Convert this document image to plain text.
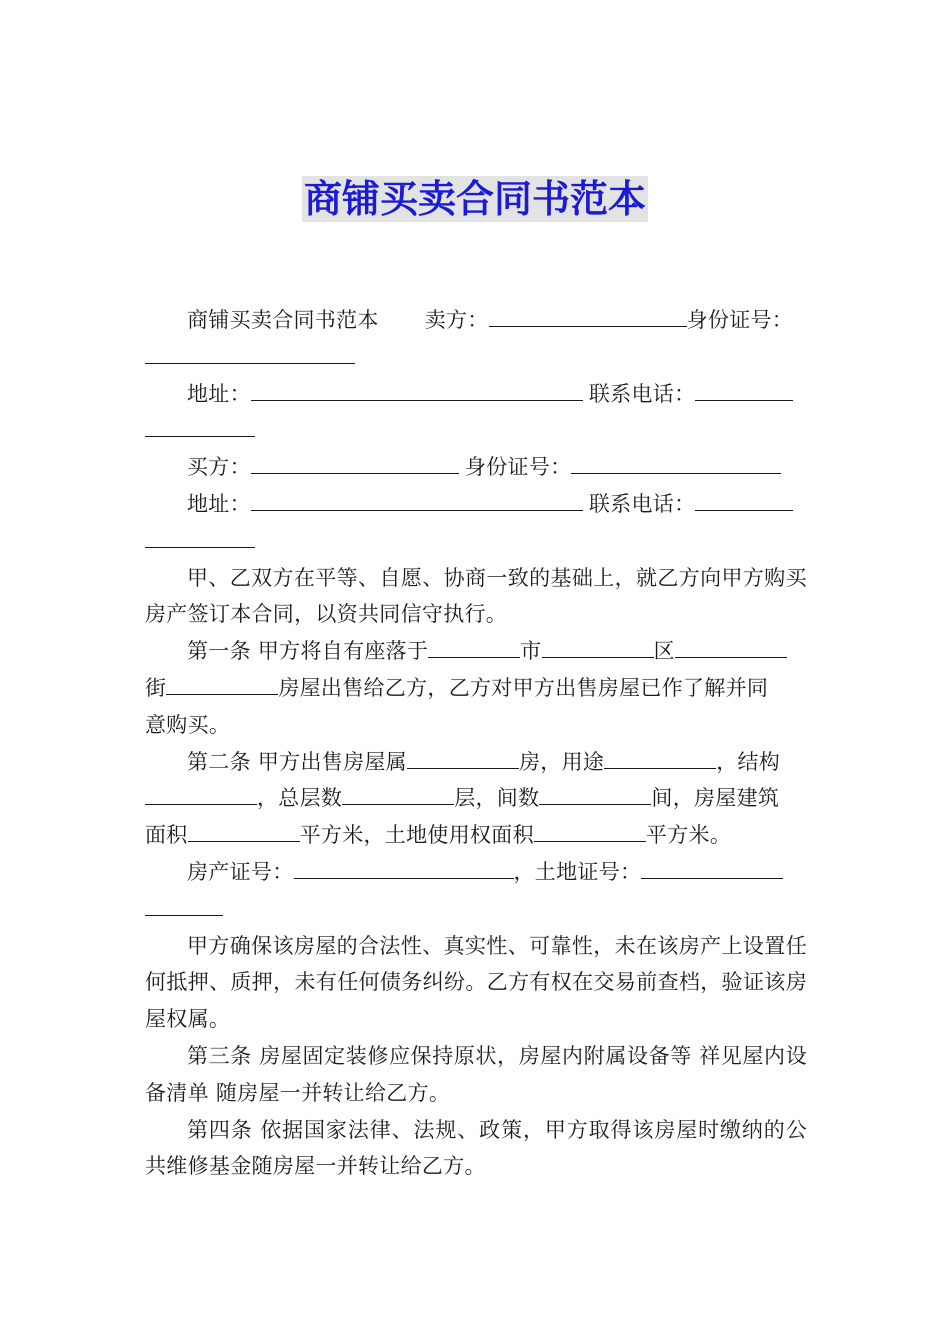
商铺买卖合同书范本

商铺买卖合同书范本 卖方：	身份证号：

地址：	联系电话：

买方：	身份证号：

地址：	联系电话：

甲、乙双方在平等、自愿、协商一致的基础上，就乙方向甲方购买房产签订本合同，以资共同信守执行。

第一条 甲方将自有座落于	市	区

街	房屋出售给乙方，乙方对甲方出售房屋已作了解并同

意购买。

第二条 甲方出售房屋属	房，用途	，结构

，总层数	层，间数	间，房屋建筑

面积	平方米，土地使用权面积	平方米。

房产证号：	，土地证号：

甲方确保该房屋的合法性、真实性、可靠性，未在该房产上设置任何抵押、质押，未有任何债务纠纷。乙方有权在交易前查档，验证该房屋权属。

第三条 房屋固定装修应保持原状，房屋内附属设备等 祥见屋内设备清单 随房屋一并转让给乙方。

第四条 依据国家法律、法规、政策，甲方取得该房屋时缴纳的公共维修基金随房屋一并转让给乙方。
